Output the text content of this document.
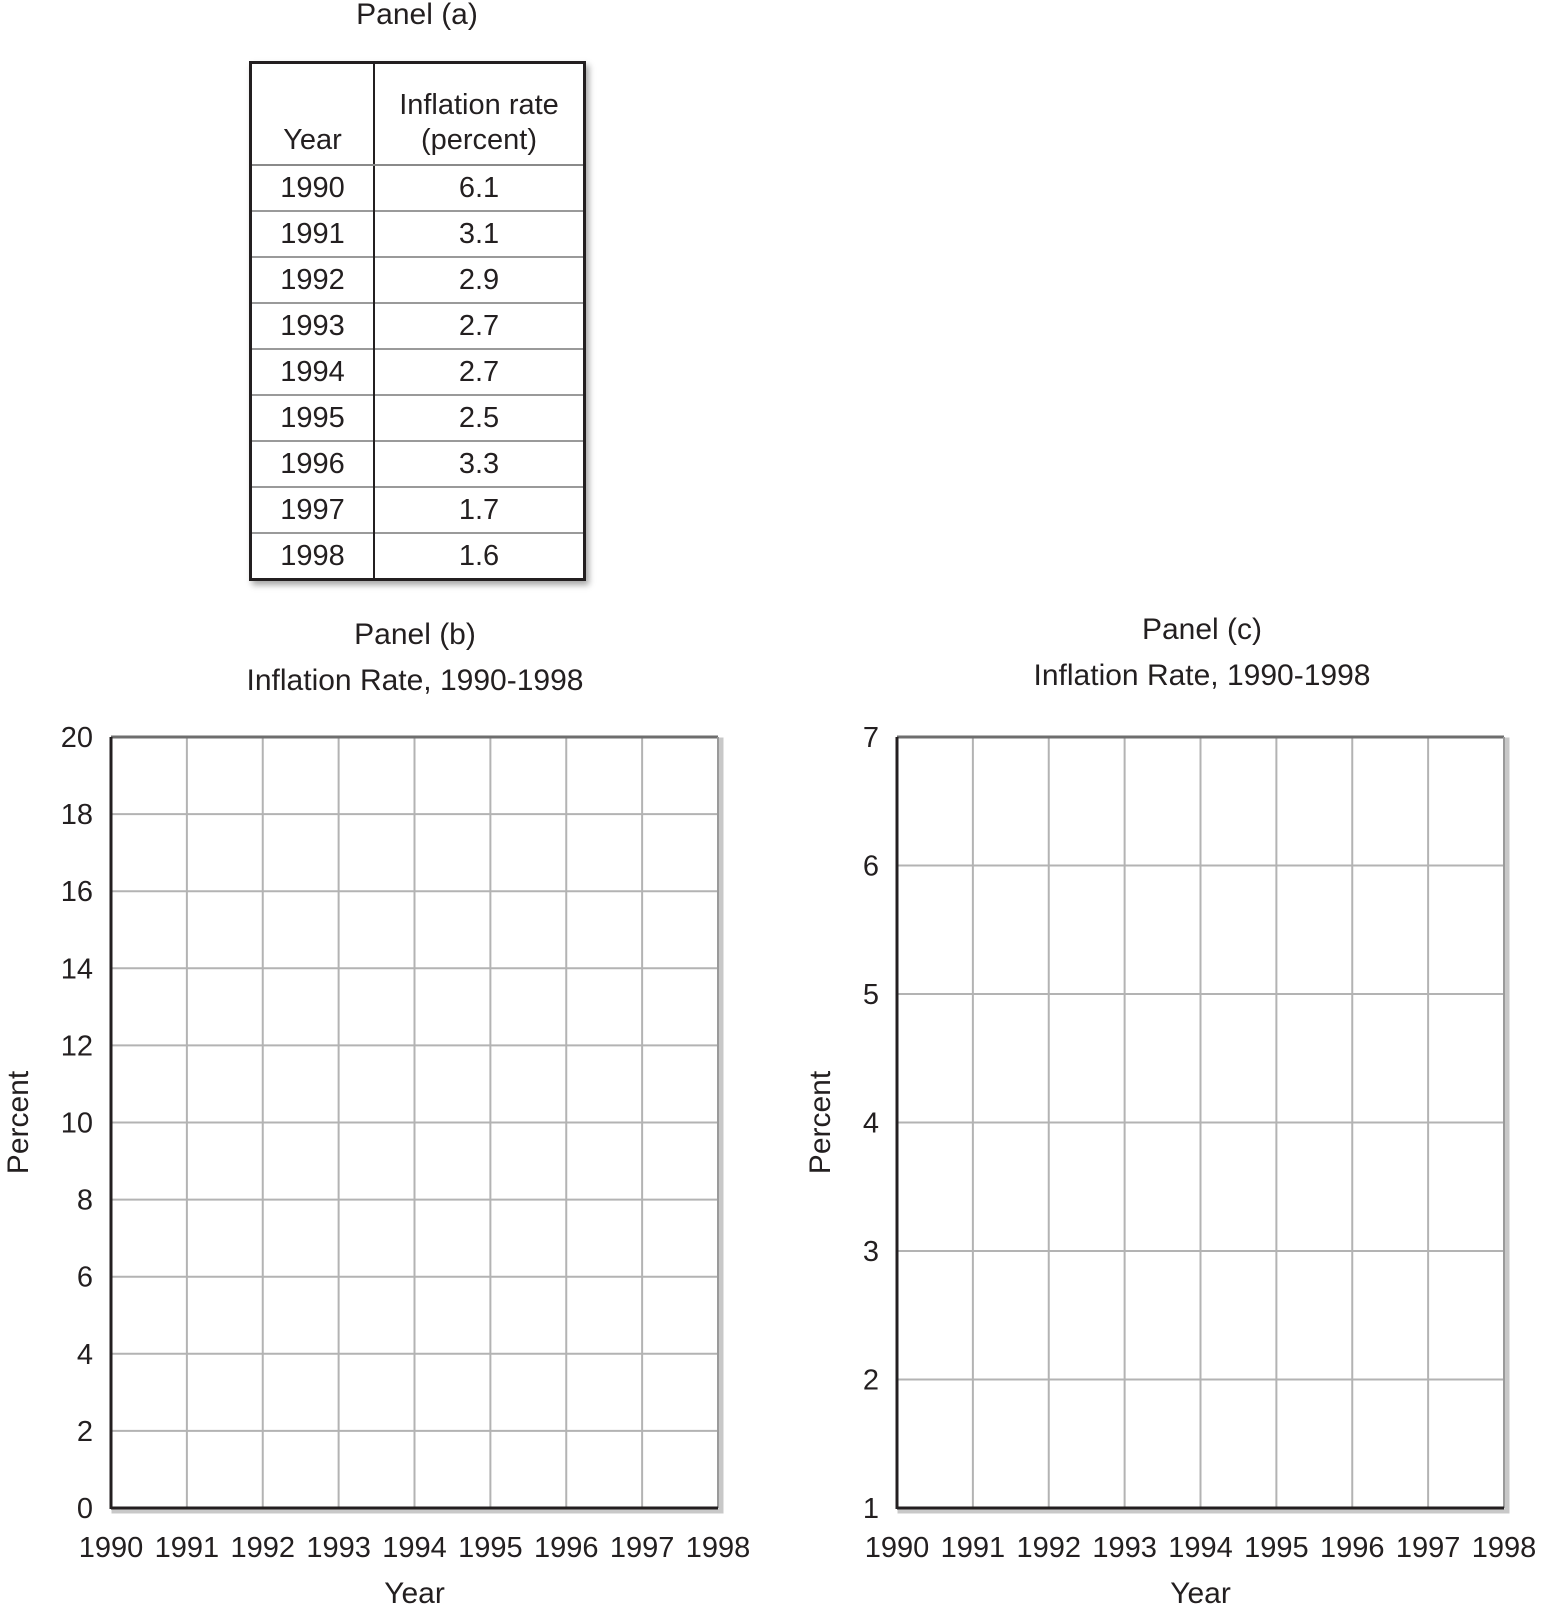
Panel (a)
Year	Inflation rate (percent)
1990	6.1
1991	3.1
1992	2.9
1993	2.7
1994	2.7
1995	2.5
1996	3.3
1997	1.7
1998	1.6
Panel (b)
Inflation Rate, 1990-1998
0
2
4
6
8
10
12
14
16
18
20
1990 1991 1992 1993 1994 1995 1996 1997 1998
Year
Percent
Panel (c)
Inflation Rate, 1990-1998
1
2
3
4
5
6
7
1990 1991 1992 1993 1994 1995 1996 1997 1998
Year
Percent
